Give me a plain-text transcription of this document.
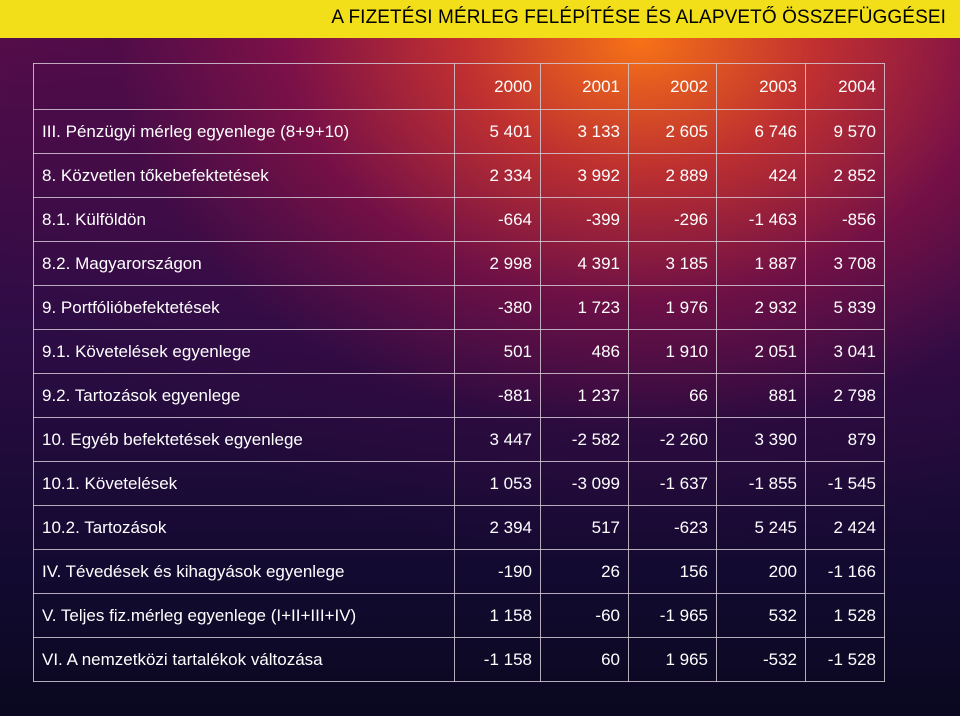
A FIZETÉSI MÉRLEG FELÉPÍTÉSE ÉS ALAPVETŐ ÖSSZEFÜGGÉSEI
	2000	2001	2002	2003	2004
III. Pénzügyi mérleg egyenlege (8+9+10)	5 401	3 133	2 605	6 746	9 570
8. Közvetlen tőkebefektetések	2 334	3 992	2 889	424	2 852
8.1. Külföldön	-664	-399	-296	-1 463	-856
8.2. Magyarországon	2 998	4 391	3 185	1 887	3 708
9. Portfólióbefektetések	-380	1 723	1 976	2 932	5 839
9.1. Követelések egyenlege	501	486	1 910	2 051	3 041
9.2. Tartozások egyenlege	-881	1 237	66	881	2 798
10. Egyéb befektetések egyenlege	3 447	-2 582	-2 260	3 390	879
10.1. Követelések	1 053	-3 099	-1 637	-1 855	-1 545
10.2. Tartozások	2 394	517	-623	5 245	2 424
IV. Tévedések és kihagyások egyenlege	-190	26	156	200	-1 166
V. Teljes fiz.mérleg egyenlege (I+II+III+IV)	1 158	-60	-1 965	532	1 528
VI. A nemzetközi tartalékok változása	-1 158	60	1 965	-532	-1 528
